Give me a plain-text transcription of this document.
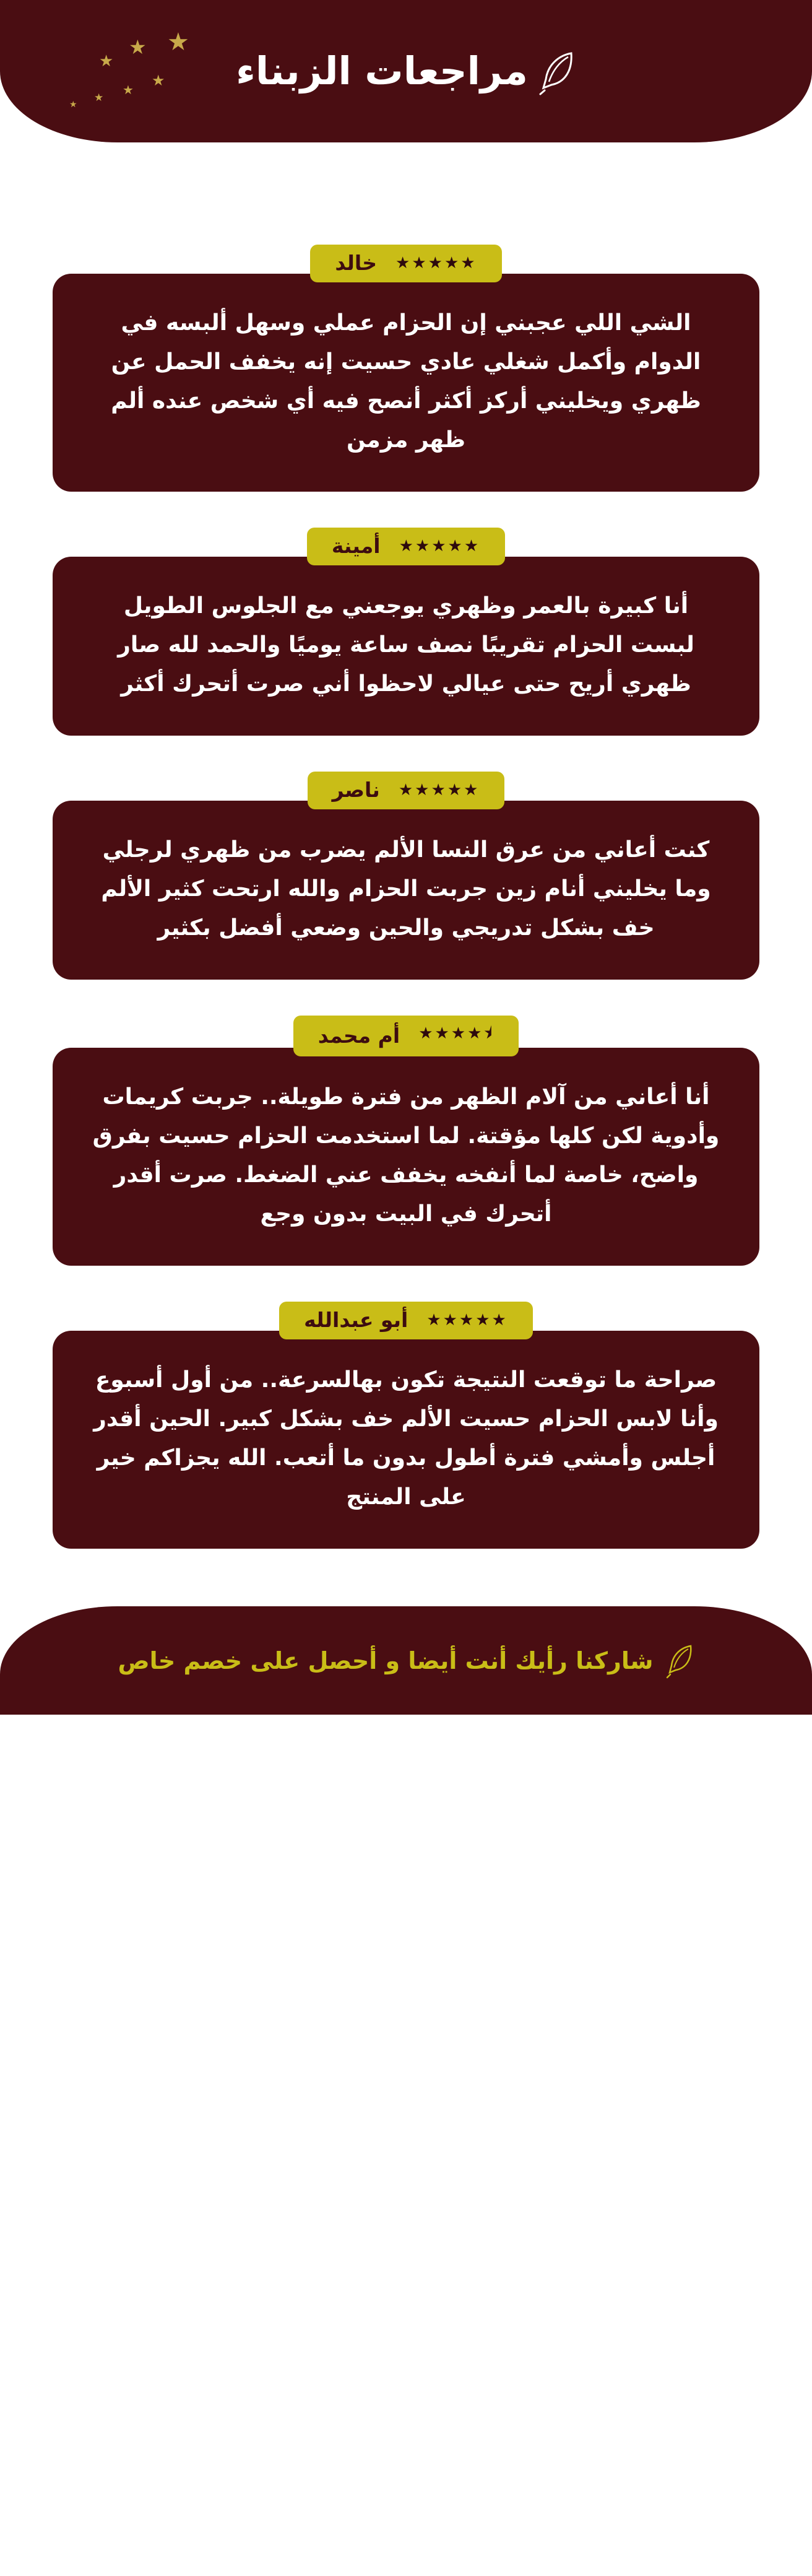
★
★
★
★
★
★
★
مراجعات الزبناء
خالد ★★★★★
الشي اللي عجبني إن الحزام عملي وسهل ألبسه في الدوام وأكمل شغلي عادي حسيت إنه يخفف الحمل عن ظهري ويخليني أركز أكثر أنصح فيه أي شخص عنده ألم ظهر مزمن
أمينة ★★★★★
أنا كبيرة بالعمر وظهري يوجعني مع الجلوس الطويل لبست الحزام تقريبًا نصف ساعة يوميًا والحمد لله صار ظهري أريح حتى عيالي لاحظوا أني صرت أتحرك أكثر
ناصر ★★★★★
كنت أعاني من عرق النسا الألم يضرب من ظهري لرجلي وما يخليني أنام زين جربت الحزام والله ارتحت كثير الألم خف بشكل تدريجي والحين وضعي أفضل بكثير
أم محمد ★★★★⯨
أنا أعاني من آلام الظهر من فترة طويلة.. جربت كريمات وأدوية لكن كلها مؤقتة. لما استخدمت الحزام حسيت بفرق واضح، خاصة لما أنفخه يخفف عني الضغط. صرت أقدر أتحرك في البيت بدون وجع
أبو عبدالله ★★★★★
صراحة ما توقعت النتيجة تكون بهالسرعة.. من أول أسبوع وأنا لابس الحزام حسيت الألم خف بشكل كبير. الحين أقدر أجلس وأمشي فترة أطول بدون ما أتعب. الله يجزاكم خير على المنتج
شاركنا رأيك أنت أيضا و أحصل على خصم خاص
